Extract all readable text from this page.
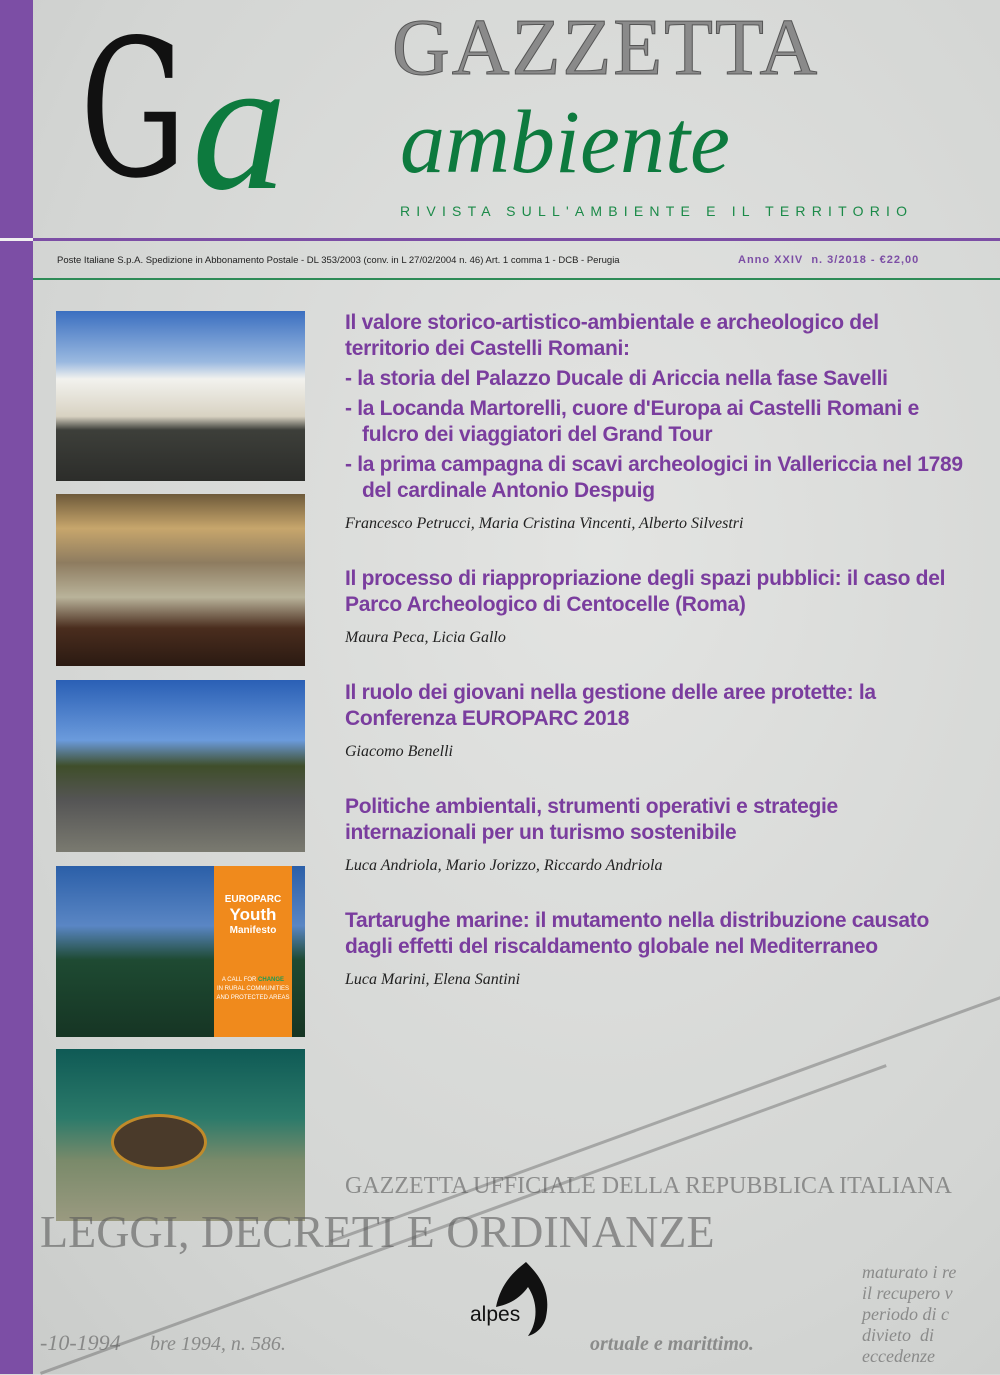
G a GAZZETTA
ambiente
RIVISTA SULL'AMBIENTE E IL TERRITORIO
Poste Italiane S.p.A. Spedizione in Abbonamento Postale - DL 353/2003 (conv. in L 27/02/2004 n. 46) Art. 1 comma 1 - DCB - Perugia	Anno XXIV  n. 3/2018 - €22,00
GAZZETTA UFFICIALE DELLA REPUBBLICA ITALIANA
LEGGI, DECRETI E ORDINANZE
maturato i re
il recupero v
periodo di c
divieto  di
eccedenze
-10-1994 bre 1994, n. 586.	ortuale e marittimo.
EUROPARC
Youth
Manifesto
A CALL FOR CHANGE
IN RURAL COMMUNITIES AND PROTECTED AREAS
Il valore storico-artistico-ambientale e archeologico del territorio dei Castelli Romani:
- la storia del Palazzo Ducale di Ariccia nella fase Savelli
- la Locanda Martorelli, cuore d'Europa ai Castelli Romani e fulcro dei viaggiatori del Grand Tour
- la prima campagna di scavi archeologici in Vallericcia nel 1789 del cardinale Antonio Despuig
Francesco Petrucci, Maria Cristina Vincenti, Alberto Silvestri
Il processo di riappropriazione degli spazi pubblici: il caso del Parco Archeologico di Centocelle (Roma)
Maura Peca, Licia Gallo
Il ruolo dei giovani nella gestione delle aree protette: la Conferenza EUROPARC 2018
Giacomo Benelli
Politiche ambientali, strumenti operativi e strategie internazionali per un turismo sostenibile
Luca Andriola, Mario Jorizzo, Riccardo Andriola
Tartarughe marine: il mutamento nella distribuzione causato dagli effetti del riscaldamento globale nel Mediterraneo
Luca Marini, Elena Santini
alpes
